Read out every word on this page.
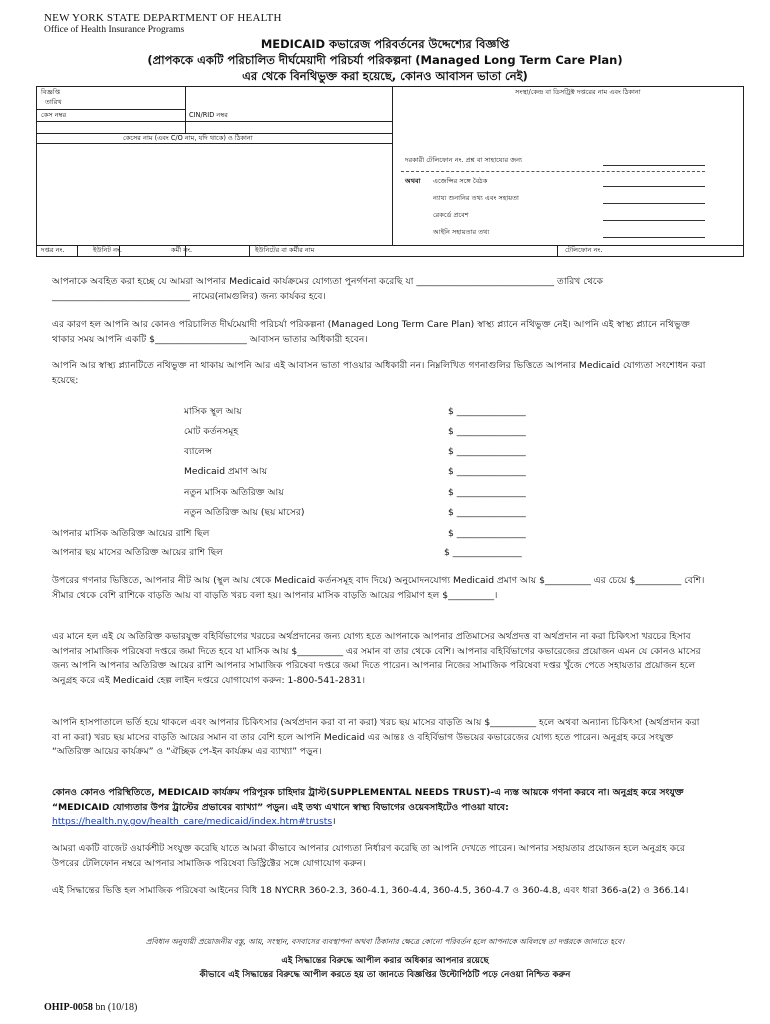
NEW YORK STATE DEPARTMENT OF HEALTH
Office of Health Insurance Programs
MEDICAID কভারেজ পরিবর্তনের উদ্দেশ্যের বিজ্ঞপ্তি
(প্রাপককে একটি পরিচালিত দীর্ঘমেয়াদী পরিচর্যা পরিকল্পনা (Managed Long Term Care Plan)
এর থেকে বিনথিভুক্ত করা হয়েছে, কোনও আবাসন ভাতা নেই)
বিজ্ঞপ্তি
তারিখ
সংস্থা/কেন্দ্র বা ডিসট্রিক্ট দপ্তরের নাম এবং ঠিকানা
কেস নম্বর	CIN/RID নম্বর
কেসের নাম (এবং C/O নাম, যদি থাকে) ও ঠিকানা
দরকারী টেলিফোন নং. প্রশ্ন বা সাহায্যের জন্য
অথবা এজেন্সির সঙ্গে বৈঠক
ন্যায্য শুনানির তথ্য এবং সহায়তা
রেকর্ডে প্রবেশ
আইনি সহায়তার তথ্য
দপ্তর নং.	ইউনিট নং.	কর্মী নং.	ইউনিটের বা কর্মীর নাম	টেলিফোন নং.

আপনাকে অবহিত করা হচ্ছে যে আমরা আপনার Medicaid কার্যক্রমের যোগ্যতা পুনর্গণনা করেছি যা ______________________________ তারিখ থেকে ______________________________ নামের(নামগুলির) জন্য কার্যকর হবে।

এর কারণ হল আপনি আর কোনও পরিচালিত দীর্ঘমেয়াদী পরিচর্যা পরিকল্পনা (Managed Long Term Care Plan) স্বাস্থ্য প্ল্যানে নথিভুক্ত নেই। আপনি এই স্বাস্থ্য প্ল্যানে নথিভুক্ত থাকার সময় আপনি একটি $____________________ আবাসন ভাতার অধিকারী হবেন।

আপনি আর স্বাস্থ্য প্ল্যানটিতে নথিভুক্ত না থাকায় আপনি আর এই আবাসন ভাতা পাওয়ার অধিকারী নন। নিম্নলিখিত গণনাগুলির ভিত্তিতে আপনার Medicaid যোগ্যতা সংশোধন করা হয়েছে:

মাসিক স্থূল আয়	$ _______________
মোট কর্তনসমূহ	$ _______________
ব্যালেন্স	$ _______________
Medicaid প্রমাণ আয়	$ _______________
নতুন মাসিক অতিরিক্ত আয়	$ _______________
নতুন অতিরিক্ত আয় (ছয় মাসের)	$ _______________
আপনার মাসিক অতিরিক্ত আয়ের রাশি ছিল	$ _______________
আপনার ছয় মাসের অতিরিক্ত আয়ের রাশি ছিল	$ _______________

উপরের গণনার ভিত্তিতে, আপনার নীট আয় (স্থূল আয় থেকে Medicaid কর্তনসমূহ বাদ দিয়ে) অনুমোদনযোগ্য Medicaid প্রমাণ আয় $__________ এর চেয়ে $__________ বেশি। সীমার থেকে বেশি রাশিকে বাড়তি আয় বা বাড়তি খরচ বলা হয়। আপনার মাসিক বাড়তি আয়ের পরিমাণ হল $__________।

এর মানে হল এই যে অতিরিক্ত কভারযুক্ত বহির্বিভাগের খরচের অর্থপ্রদানের জন্য যোগ্য হতে আপনাকে আপনার প্রতিমাসের অর্থপ্রদত্ত বা অর্থপ্রদান না করা চিকিৎসা খরচের হিসাব আপনার সামাজিক পরিষেবা দপ্তরে জমা দিতে হবে যা মাসিক আয় $__________ এর সমান বা তার থেকে বেশি। আপনার বহির্বিভাগের কভারেজের প্রয়োজন এমন যে কোনও মাসের জন্য আপনি আপনার অতিরিক্ত আয়ের রাশি আপনার সামাজিক পরিষেবা দপ্তরে জমা দিতে পারেন। আপনার নিজের সামাজিক পরিষেবা দপ্তর খুঁজে পেতে সহায়তার প্রয়োজন হলে অনুগ্রহ করে এই Medicaid হেল্প লাইন দপ্তরে যোগাযোগ করুন: 1-800-541-2831।

আপনি হাসপাতালে ভর্তি হয়ে থাকলে এবং আপনার চিকিৎসার (অর্থপ্রদান করা বা না করা) খরচ ছয় মাসের বাড়তি আয় $__________ হলে অথবা অন্যান্য চিকিৎসা (অর্থপ্রদান করা বা না করা) খরচ ছয় মাসের বাড়তি আয়ের সমান বা তার বেশি হলে আপনি Medicaid এর আন্তঃ ও বহির্বিভাগ উভয়ের কভারেজের যোগ্য হতে পারেন। অনুগ্রহ করে সংযুক্ত “অতিরিক্ত আয়ের কার্যক্রম” ও “ঐচ্ছিক পে-ইন কার্যক্রম এর ব্যাখ্যা” পড়ুন।

কোনও কোনও পরিস্থিতিতে, MEDICAID কার্যক্রম পরিপূরক চাহিদার ট্রাস্ট(SUPPLEMENTAL NEEDS TRUST)-এ ন্যস্ত আয়কে গণনা করবে না। অনুগ্রহ করে সংযুক্ত “MEDICAID যোগ্যতার উপর ট্রাস্টের প্রভাবের ব্যাখ্যা” পড়ুন। এই তথ্য এখানে স্বাস্থ্য বিভাগের ওয়েবসাইটেও পাওয়া যাবে: https://health.ny.gov/health_care/medicaid/index.htm#trusts।

আমরা একটি বাজেট ওয়ার্কশীট সংযুক্ত করেছি যাতে আমরা কীভাবে আপনার যোগ্যতা নির্ধারণ করেছি তা আপনি দেখতে পারেন। আপনার সহায়তার প্রয়োজন হলে অনুগ্রহ করে উপরের টেলিফোন নম্বরে আপনার সামাজিক পরিষেবা ডিস্ট্রিক্টের সঙ্গে যোগাযোগ করুন।

এই সিদ্ধান্তের ভিত্তি হল সামাজিক পরিষেবা আইনের বিধি 18 NYCRR 360-2.3, 360-4.1, 360-4.4, 360-4.5, 360-4.7 ও 360-4.8, এবং ধারা 366-a(2) ও 366.14।

প্রবিধান অনুযায়ী প্রয়োজনীয় বস্তু, আয়, সংস্থান, বসবাসের ব্যবস্থাপনা অথবা ঠিকানার ক্ষেত্রে কোনো পরিবর্তন হলে আপনাকে অবিলম্বে তা দপ্তরকে জানাতে হবে।
এই সিদ্ধান্তের বিরুদ্ধে আপীল করার অধিকার আপনার রয়েছে
কীভাবে এই সিদ্ধান্তের বিরুদ্ধে আপীল করতে হয় তা জানতে বিজ্ঞপ্তির উল্টোপিঠটি পড়ে নেওয়া নিশ্চিত করুন
OHIP-0058 bn (10/18)
